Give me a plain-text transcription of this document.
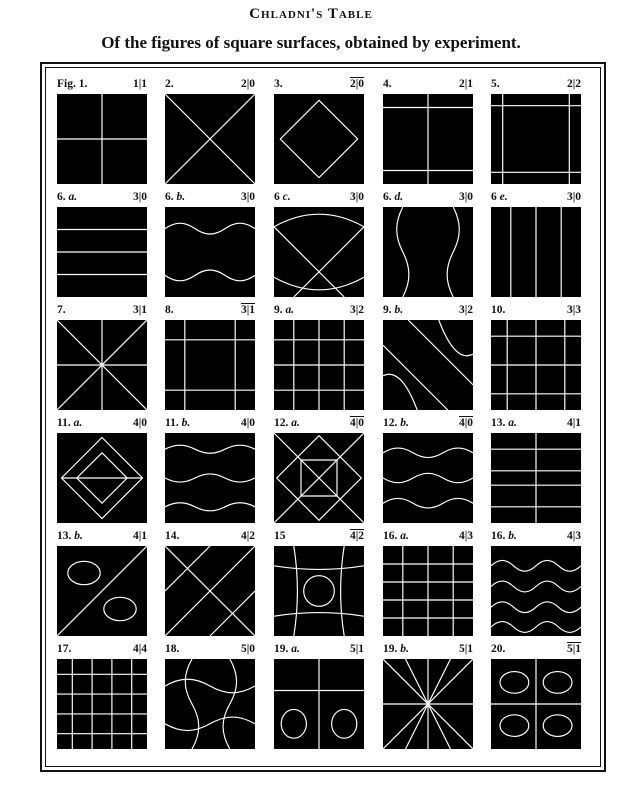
Chladni's Table
Of the figures of square surfaces, obtained by experiment.
Fig. 1.	1|1 2.	2|0 3.	2|0 4.	2|1 5.	2|2
6. a.	3|0 6. b.	3|0 6 c.	3|0 6. d.	3|0 6 e.	3|0
7.	3|1 8.	3|1 9. a.	3|2 9. b.	3|2 10.	3|3
11. a.	4|0 11. b.	4|0 12. a.	4|0 12. b.	4|0 13. a.	4|1
13. b.	4|1 14.	4|2 15	4|2 16. a.	4|3 16. b.	4|3
17.	4|4 18.	5|0 19. a.	5|1 19. b.	5|1 20.	5|1
